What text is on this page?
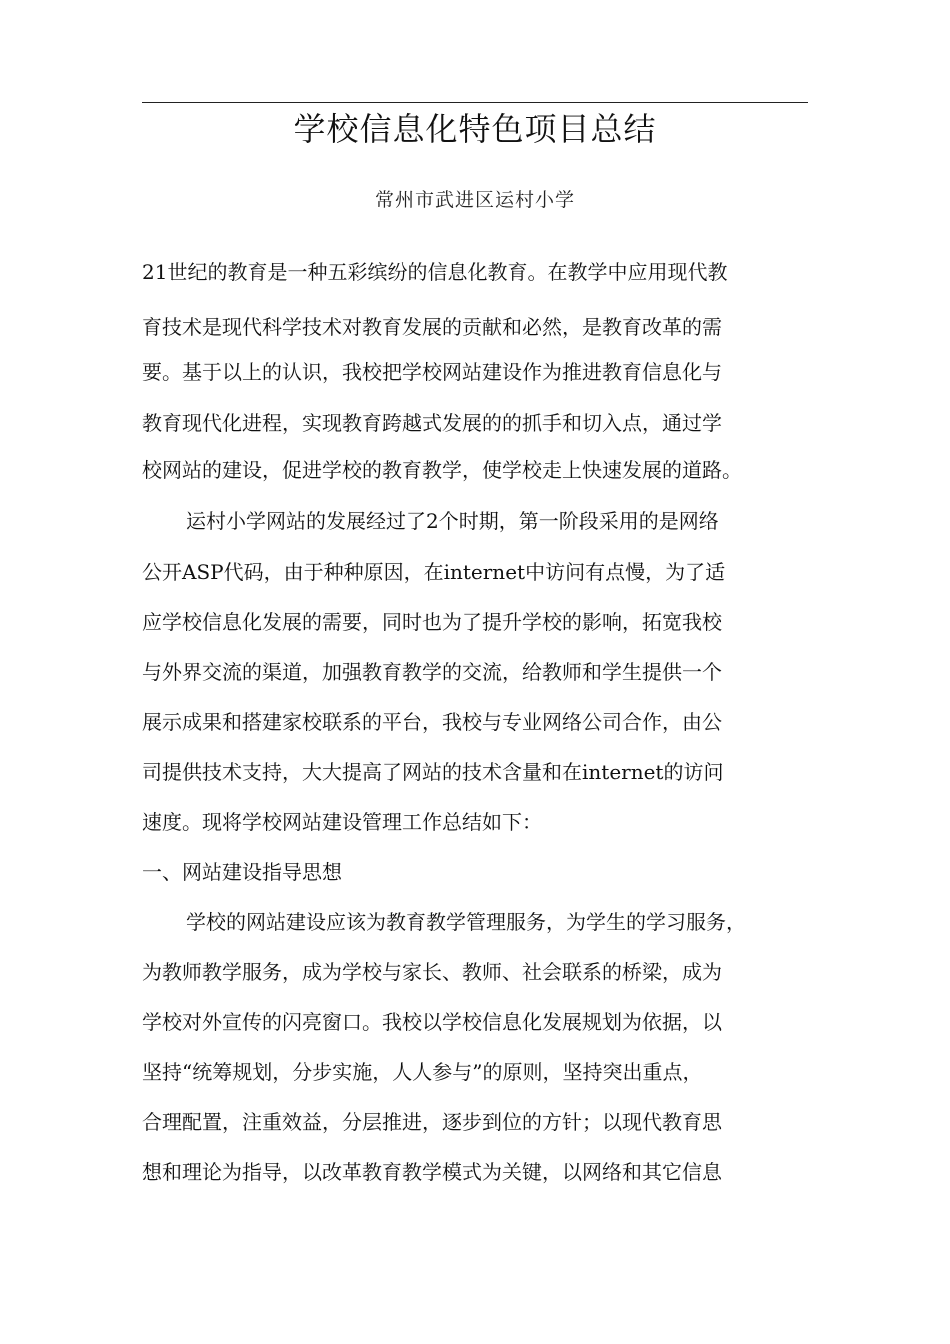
学校信息化特色项目总结
常州市武进区运村小学
21世纪的教育是一种五彩缤纷的信息化教育。在教学中应用现代教
育技术是现代科学技术对教育发展的贡献和必然，是教育改革的需
要。基于以上的认识，我校把学校网站建设作为推进教育信息化与
教育现代化进程，实现教育跨越式发展的的抓手和切入点，通过学
校网站的建设，促进学校的教育教学，使学校走上快速发展的道路。
运村小学网站的发展经过了2个时期，第一阶段采用的是网络
公开ASP代码，由于种种原因，在internet中访问有点慢，为了适
应学校信息化发展的需要，同时也为了提升学校的影响，拓宽我校
与外界交流的渠道，加强教育教学的交流，给教师和学生提供一个
展示成果和搭建家校联系的平台，我校与专业网络公司合作，由公
司提供技术支持，大大提高了网站的技术含量和在internet的访问
速度。现将学校网站建设管理工作总结如下：
一、网站建设指导思想
学校的网站建设应该为教育教学管理服务，为学生的学习服务，
为教师教学服务，成为学校与家长、教师、社会联系的桥梁，成为
学校对外宣传的闪亮窗口。我校以学校信息化发展规划为依据，以
坚持“统筹规划，分步实施，人人参与”的原则，坚持突出重点，
合理配置，注重效益，分层推进，逐步到位的方针；以现代教育思
想和理论为指导，以改革教育教学模式为关键，以网络和其它信息
